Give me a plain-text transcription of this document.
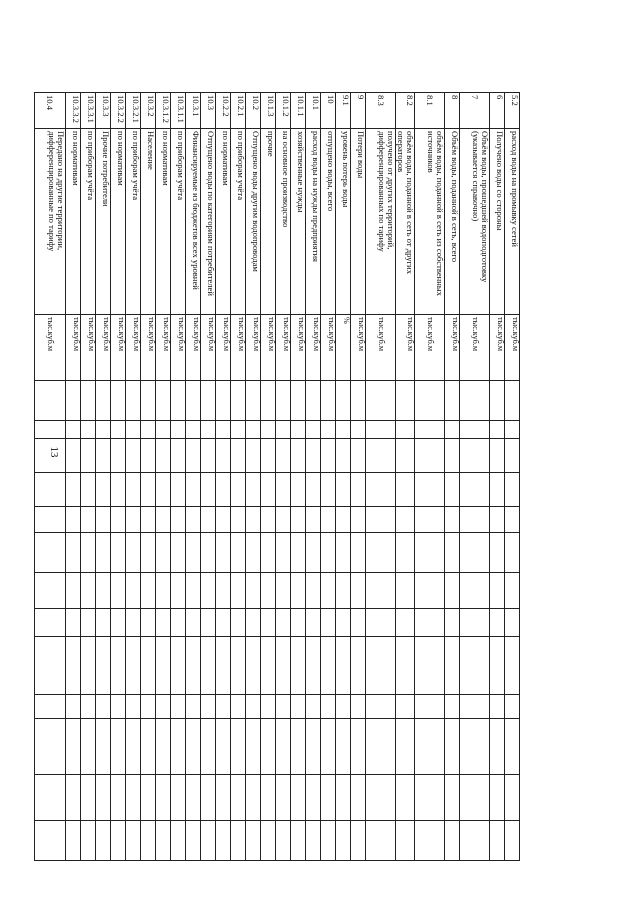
13
5.2	расход воды на промывку сетей	тыс.куб.м													
6	Получено воды со стороны	тыс.куб.м													
7	Объём воды, прошедшей водоподготовку (указывается справочно)	тыс.куб.м													
8	Объём воды, поданной в сеть, всего	тыс.куб.м													
8.1	объём воды, поданной в сеть из собственных источников	тыс.куб.м													
8.2	объём воды, поданной в сеть от других операторов	тыс.куб.м													
8.3	получено от других территорий, дифференцированных по тарифу	тыс.куб.м													
9	Потери воды	тыс.куб.м													
9.1	уровень потерь воды	%													
10	отпущено воды, всего	тыс.куб.м													
10.1	расход воды на нужды предприятия	тыс.куб.м													
10.1.1	хозяйственные нужды	тыс.куб.м													
10.1.2	на основное производство	тыс.куб.м													
10.1.3	прочие	тыс.куб.м													
10.2	Отпущено воды другим водопроводам	тыс.куб.м													
10.2.1	по приборам учёта	тыс.куб.м													
10.2.2	по нормативам	тыс.куб.м													
10.3	Отпущено воды по категориям потребителей	тыс.куб.м													
10.3.1	Финансируемые из бюджетов всех уровней	тыс.куб.м													
10.3.1.1	по приборам учёта	тыс.куб.м													
10.3.1.2	по нормативам	тыс.куб.м													
10.3.2	Население	тыс.куб.м													
10.3.2.1	по приборам учёта	тыс.куб.м													
10.3.2.2	по нормативам	тыс.куб.м													
10.3.3	Прочие потребители	тыс.куб.м													
10.3.3.1	по приборам учёта	тыс.куб.м													
10.3.3.2	по нормативам	тыс.куб.м													
10.4	Передано на другие территории, дифференцированные по тарифу	тыс.куб.м													
